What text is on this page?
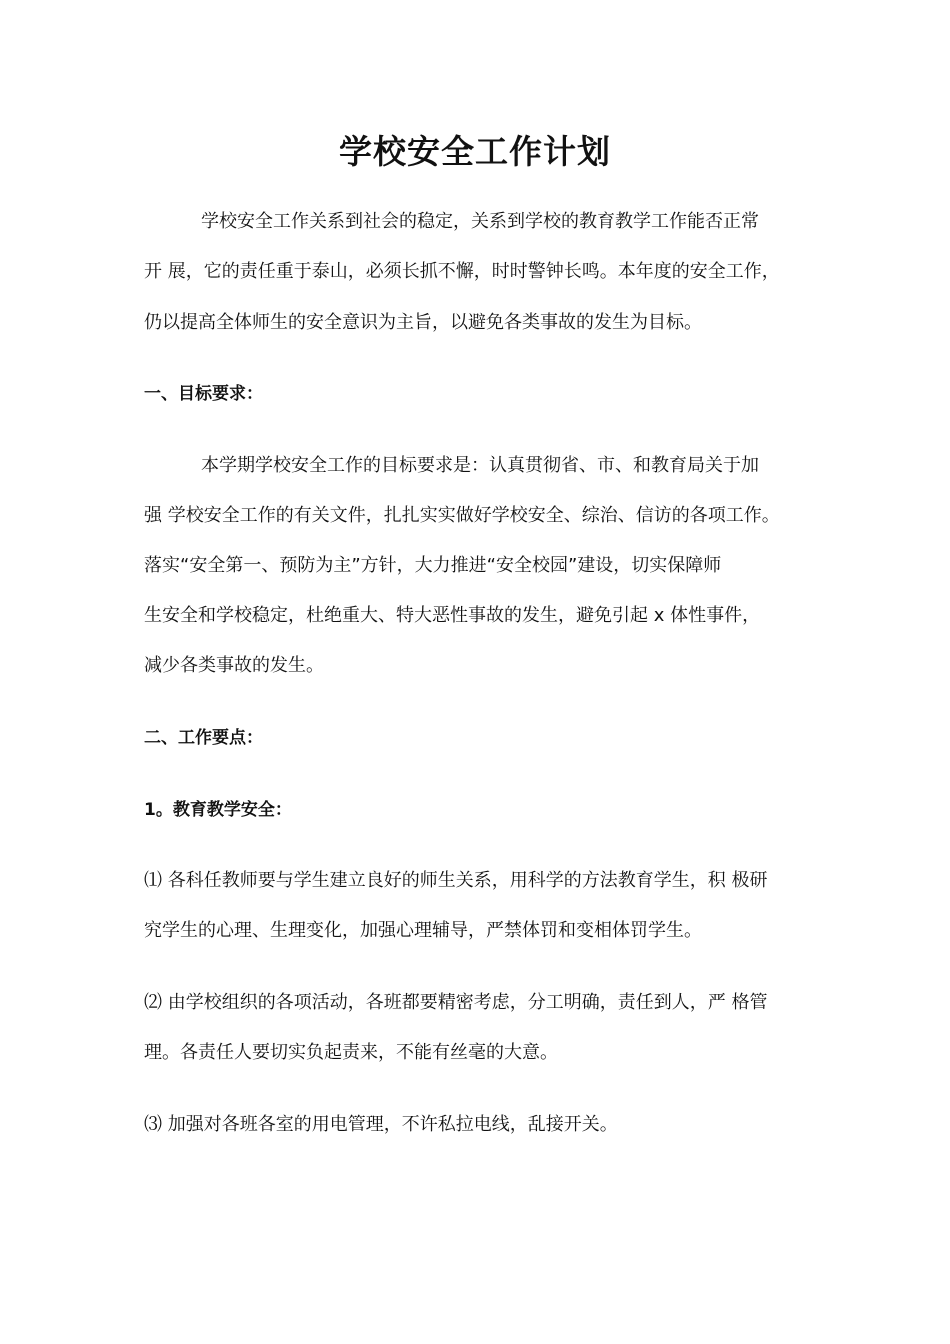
学校安全工作计划

学校安全工作关系到社会的稳定，关系到学校的教育教学工作能否正常

开 展，它的责任重于泰山，必须长抓不懈，时时警钟长鸣。本年度的安全工作，

仍以提高全体师生的安全意识为主旨，以避免各类事故的发生为目标。

一、目标要求：

本学期学校安全工作的目标要求是：认真贯彻省、市、和教育局关于加

强 学校安全工作的有关文件，扎扎实实做好学校安全、综治、信访的各项工作。

落实“安全第一、预防为主”方针，大力推进“安全校园”建设，切实保障师

生安全和学校稳定，杜绝重大、特大恶性事故的发生，避免引起 x 体性事件，

减少各类事故的发生。

二、工作要点：

1。教育教学安全：

⑴ 各科任教师要与学生建立良好的师生关系，用科学的方法教育学生，积 极研

究学生的心理、生理变化，加强心理辅导，严禁体罚和变相体罚学生。

⑵ 由学校组织的各项活动，各班都要精密考虑，分工明确，责任到人，严 格管

理。各责任人要切实负起责来，不能有丝毫的大意。

⑶ 加强对各班各室的用电管理，不许私拉电线，乱接开关。
